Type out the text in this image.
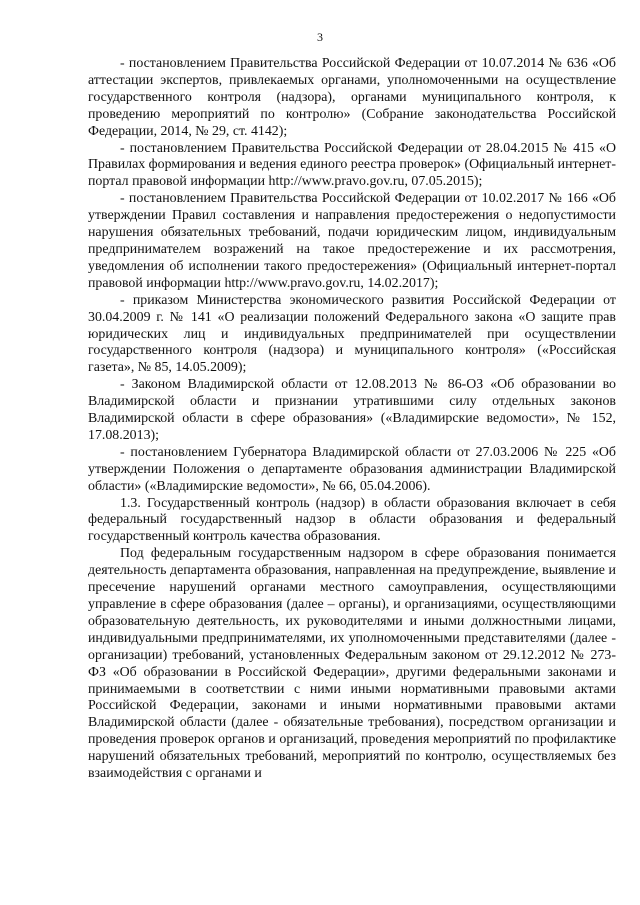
3

- постановлением Правительства Российской Федерации от 10.07.2014 № 636 «Об аттестации экспертов, привлекаемых органами, уполномоченными на осуществление государственного контроля (надзора), органами муниципального контроля, к проведению мероприятий по контролю» (Собрание законодательства Российской Федерации, 2014, № 29, ст. 4142);

- постановлением Правительства Российской Федерации от 28.04.2015 № 415 «О Правилах формирования и ведения единого реестра проверок» (Официальный интернет-портал правовой информации http://www.pravo.gov.ru, 07.05.2015);

- постановлением Правительства Российской Федерации от 10.02.2017 № 166 «Об утверждении Правил составления и направления предостережения о недопустимости нарушения обязательных требований, подачи юридическим лицом, индивидуальным предпринимателем возражений на такое предостережение и их рассмотрения, уведомления об исполнении такого предостережения» (Официальный интернет-портал правовой информации http://www.pravo.gov.ru, 14.02.2017);

- приказом Министерства экономического развития Российской Федерации от 30.04.2009 г. № 141 «О реализации положений Федерального закона «О защите прав юридических лиц и индивидуальных предпринимателей при осуществлении государственного контроля (надзора) и муниципального контроля» («Российская газета», № 85, 14.05.2009);

- Законом Владимирской области от 12.08.2013 № 86-ОЗ «Об образовании во Владимирской области и признании утратившими силу отдельных законов Владимирской области в сфере образования» («Владимирские ведомости», № 152, 17.08.2013);

- постановлением Губернатора Владимирской области от 27.03.2006 № 225 «Об утверждении Положения о департаменте образования администрации Владимирской области» («Владимирские ведомости», № 66, 05.04.2006).

1.3. Государственный контроль (надзор) в области образования включает в себя федеральный государственный надзор в области образования и федеральный государственный контроль качества образования.

Под федеральным государственным надзором в сфере образования понимается деятельность департамента образования, направленная на предупреждение, выявление и пресечение нарушений органами местного самоуправления, осуществляющими управление в сфере образования (далее – органы), и организациями, осуществляющими образовательную деятельность, их руководителями и иными должностными лицами, индивидуальными предпринимателями, их уполномоченными представителями (далее - организации) требований, установленных Федеральным законом от 29.12.2012 № 273-ФЗ «Об образовании в Российской Федерации», другими федеральными законами и принимаемыми в соответствии с ними иными нормативными правовыми актами Российской Федерации, законами и иными нормативными правовыми актами Владимирской области (далее - обязательные требования), посредством организации и проведения проверок органов и организаций, проведения мероприятий по профилактике нарушений обязательных требований, мероприятий по контролю, осуществляемых без взаимодействия с органами и
